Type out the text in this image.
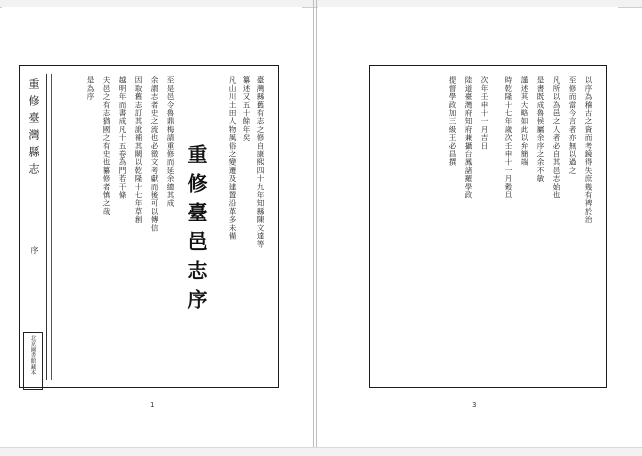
重修臺灣縣志
序
北京圖書館藏本
重修臺邑志序	臺灣縣舊有志之修自康熙四十九年知縣陳文達等
纂述又五十餘年矣
凡山川土田人物風俗之變遷及建置沿革多未備
至是邑令魯鼎梅請重修而延余總其成
余謂志者史之流也必徵文考獻而後可以傳信
因取舊志訂其訛補其闕以乾隆十七年草創
越明年而書成凡十五卷為門若干條
夫邑之有志猶國之有史也纂修者慎之哉
是為序
1
以序為稽古之資而考鏡得失庶幾有裨於治
至修而當今言者亦無以過之
凡所以為邑之人者必自其邑志始也
是書既成魯侯屬余序之余不敏
謹述其大略如此以弁簡端
時乾隆十七年歲次壬申十一月穀旦
次年壬申十一月吉日
陸道臺灣府知府兼攝台鳳諸羅學政
提督學政加三級王必昌撰
3
